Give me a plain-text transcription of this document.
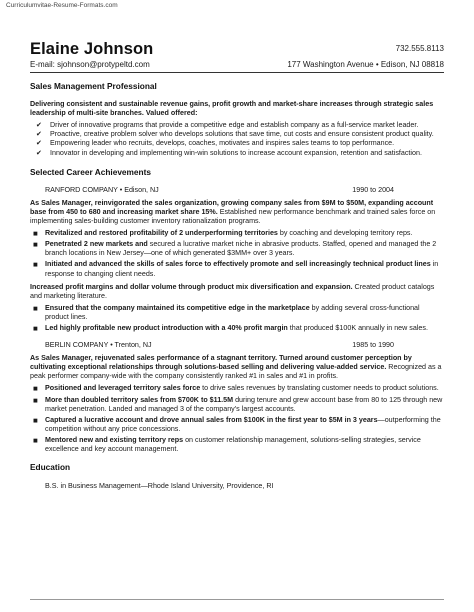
Curriculumvitae-Resume-Formats.com
Elaine Johnson	732.555.8113
E-mail: sjohnson@protypeltd.com	177 Washington Avenue • Edison, NJ 08818
Sales Management Professional
Delivering consistent and sustainable revenue gains, profit growth and market-share increases through strategic sales leadership of multi-site branches. Valued offered:
✔ Driver of innovative programs that provide a competitive edge and establish company as a full-service market leader.
✔ Proactive, creative problem solver who develops solutions that save time, cut costs and ensure consistent product quality.
✔ Empowering leader who recruits, develops, coaches, motivates and inspires sales teams to top performance.
✔ Innovator in developing and implementing win-win solutions to increase account expansion, retention and satisfaction.
Selected Career Achievements
RANFORD COMPANY • Edison, NJ	1990 to 2004
As Sales Manager, reinvigorated the sales organization, growing company sales from $9M to $50M, expanding account base from 450 to 680 and increasing market share 15%. Established new performance benchmark and trained sales force on implementing sales-building customer inventory rationalization programs.
■ Revitalized and restored profitability of 2 underperforming territories by coaching and developing territory reps.
■ Penetrated 2 new markets and secured a lucrative market niche in abrasive products. Staffed, opened and managed the 2 branch locations in New Jersey—one of which generated $3MM+ over 3 years.
■ Initiated and advanced the skills of sales force to effectively promote and sell increasingly technical product lines in response to changing client needs.
Increased profit margins and dollar volume through product mix diversification and expansion. Created product catalogs and marketing literature.
■ Ensured that the company maintained its competitive edge in the marketplace by adding several cross-functional product lines.
■ Led highly profitable new product introduction with a 40% profit margin that produced $100K annually in new sales.
BERLIN COMPANY • Trenton, NJ	1985 to 1990
As Sales Manager, rejuvenated sales performance of a stagnant territory. Turned around customer perception by cultivating exceptional relationships through solutions-based selling and delivering value-added service. Recognized as a peak performer company-wide with the company consistently ranked #1 in sales and #1 in profits.
■ Positioned and leveraged territory sales force to drive sales revenues by translating customer needs to product solutions.
■ More than doubled territory sales from $700K to $11.5M during tenure and grew account base from 80 to 125 through new market penetration. Landed and managed 3 of the company's largest accounts.
■ Captured a lucrative account and drove annual sales from $100K in the first year to $5M in 3 years—outperforming the competition without any price concessions.
■ Mentored new and existing territory reps on customer relationship management, solutions-selling strategies, service excellence and key account management.
Education
B.S. in Business Management—Rhode Island University, Providence, RI
